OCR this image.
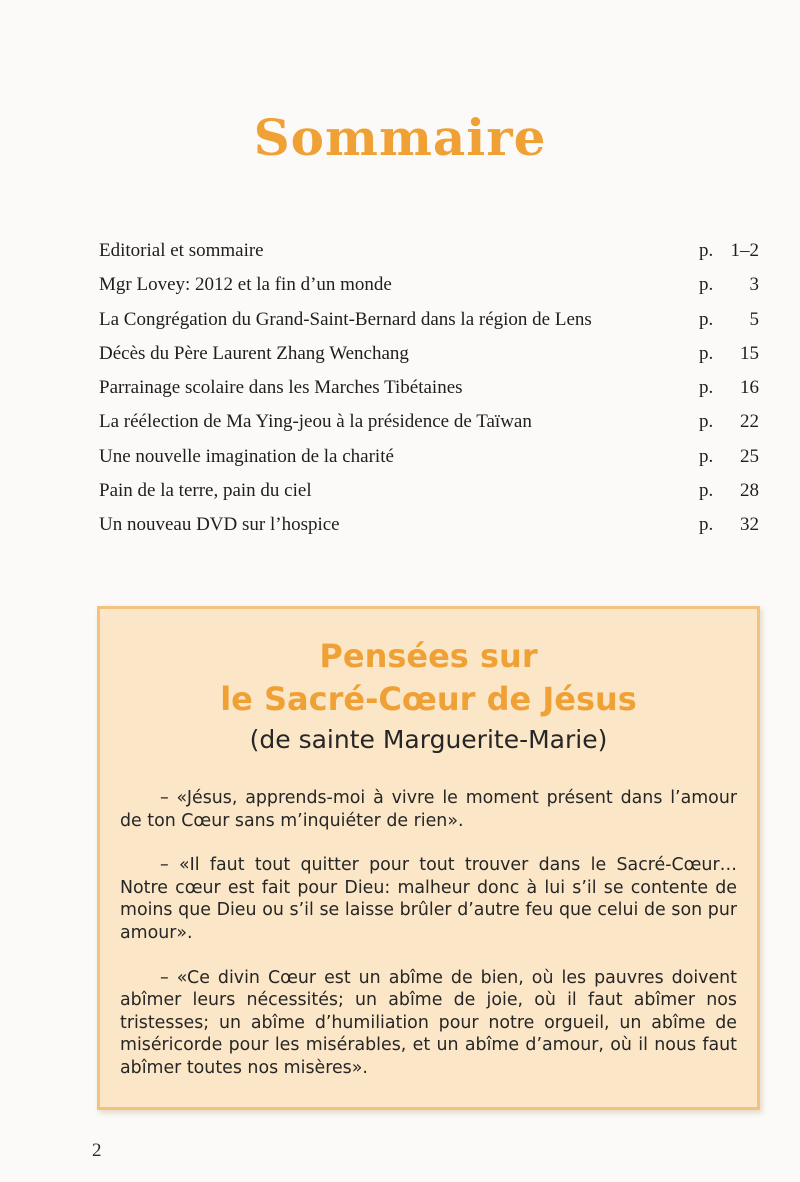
Sommaire
Editorial et sommaire	p. 1–2
Mgr Lovey: 2012 et la fin d’un monde	p. 3
La Congrégation du Grand-Saint-Bernard dans la région de Lens	p. 5
Décès du Père Laurent Zhang Wenchang	p. 15
Parrainage scolaire dans les Marches Tibétaines	p. 16
La réélection de Ma Ying-jeou à la présidence de Taïwan	p. 22
Une nouvelle imagination de la charité	p. 25
Pain de la terre, pain du ciel	p. 28
Un nouveau DVD sur l’hospice	p. 32
Pensées sur
le Sacré-Cœur de Jésus
(de sainte Marguerite-Marie)

– «Jésus, apprends-moi à vivre le moment présent dans l’amour de ton Cœur sans m’inquiéter de rien».

– «Il faut tout quitter pour tout trouver dans le Sacré-Cœur… Notre cœur est fait pour Dieu: malheur donc à lui s’il se contente de moins que Dieu ou s’il se laisse brûler d’autre feu que celui de son pur amour».

– «Ce divin Cœur est un abîme de bien, où les pauvres doivent abîmer leurs nécessités; un abîme de joie, où il faut abîmer nos tristesses; un abîme d’humiliation pour notre orgueil, un abîme de miséricorde pour les misérables, et un abîme d’amour, où il nous faut abîmer toutes nos misères».

2
